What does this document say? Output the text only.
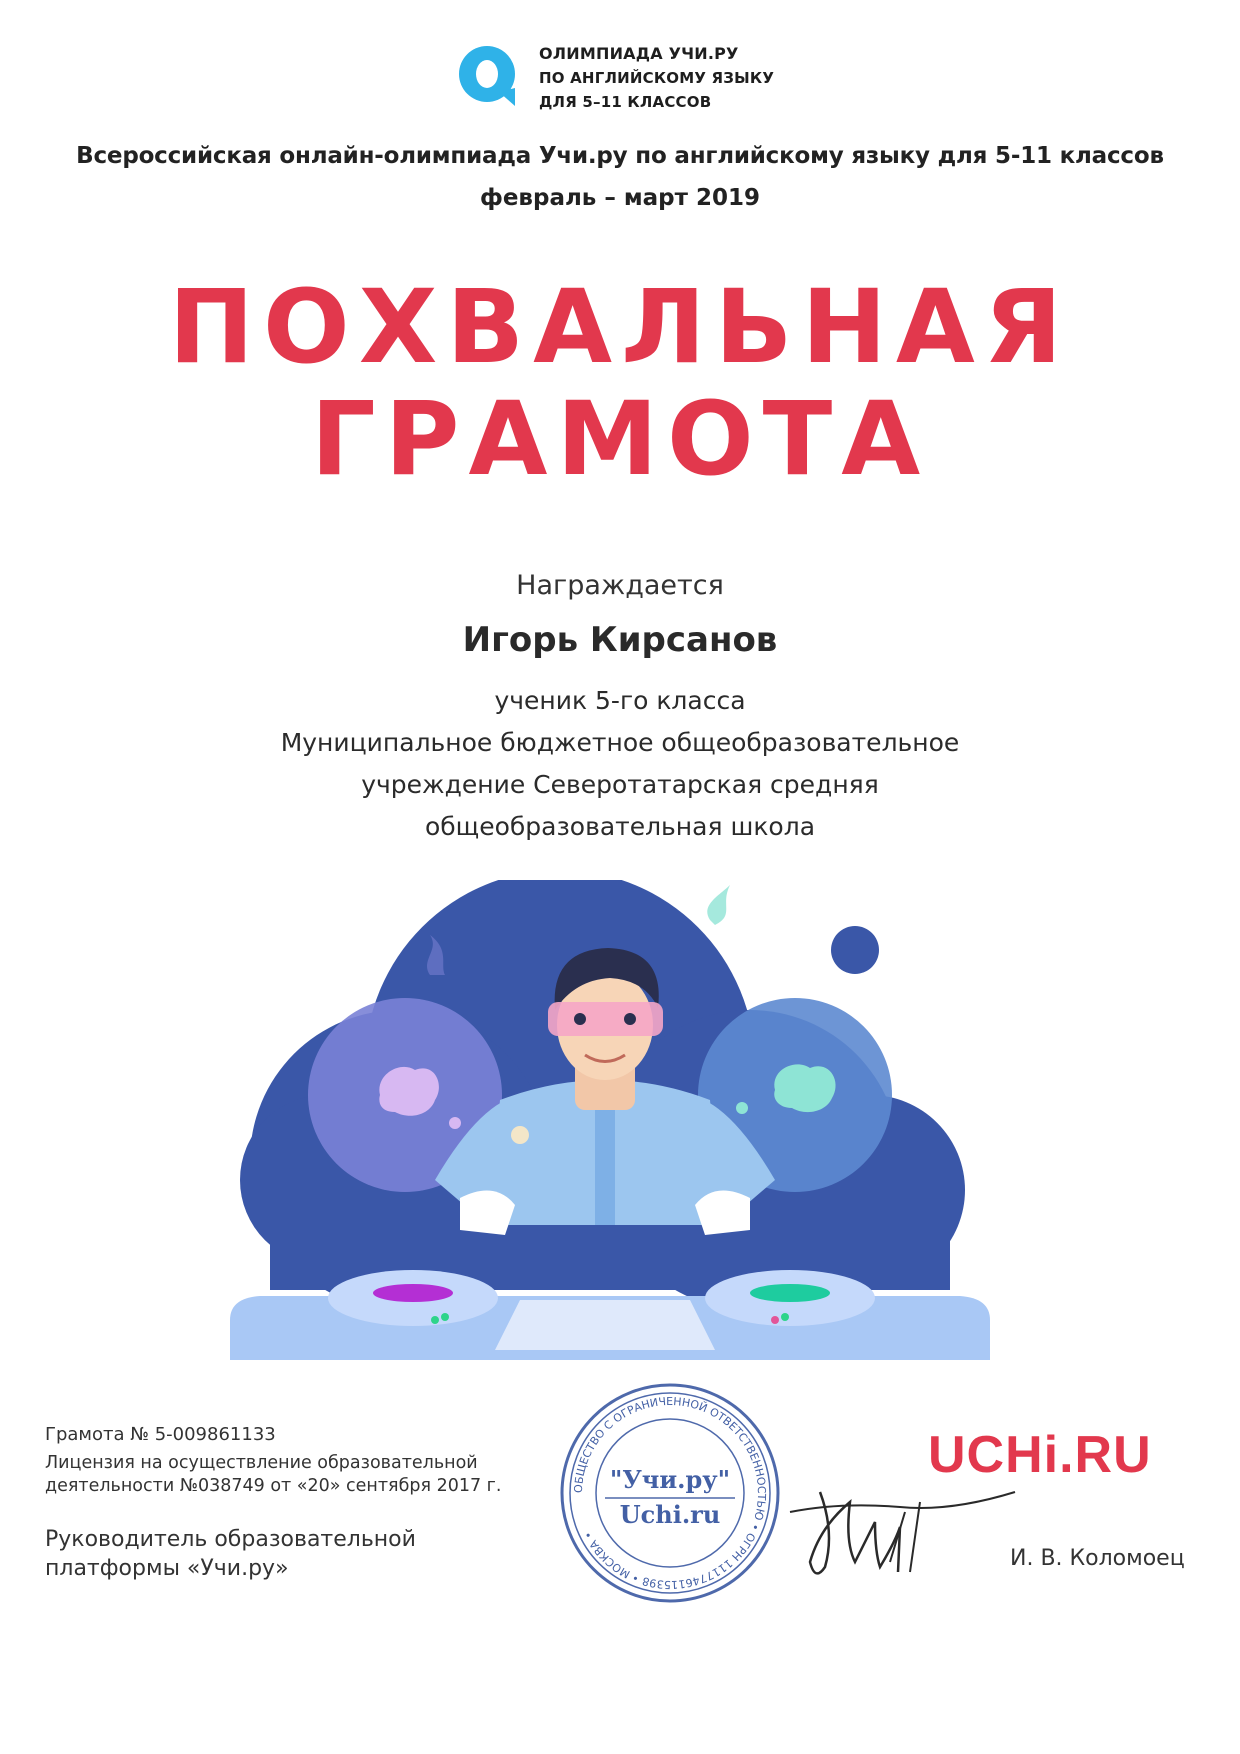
ОЛИМПИАДА УЧИ.РУ
ПО АНГЛИЙСКОМУ ЯЗЫКУ
ДЛЯ 5–11 КЛАССОВ
Всероссийская онлайн-олимпиада Учи.ру по английскому языку для 5-11 классов
февраль – март 2019
ПОХВАЛЬНАЯ
ГРАМОТА
Награждается
Игорь Кирсанов
ученик 5-го класса
Муниципальное бюджетное общеобразовательное
учреждение Северотатарская средняя
общеобразовательная школа
Грамота № 5-009861133
Лицензия на осуществление образовательной
деятельности №038749 от «20» сентября 2017 г.
Руководитель образовательной
платформы «Учи.ру»
ОБЩЕСТВО С ОГРАНИЧЕННОЙ ОТВЕТСТВЕННОСТЬЮ • ОГРН 1117746115398 • МОСКВА •
"Учи.ру"
Uchi.ru
UCHi.RU
И. В. Коломоец
